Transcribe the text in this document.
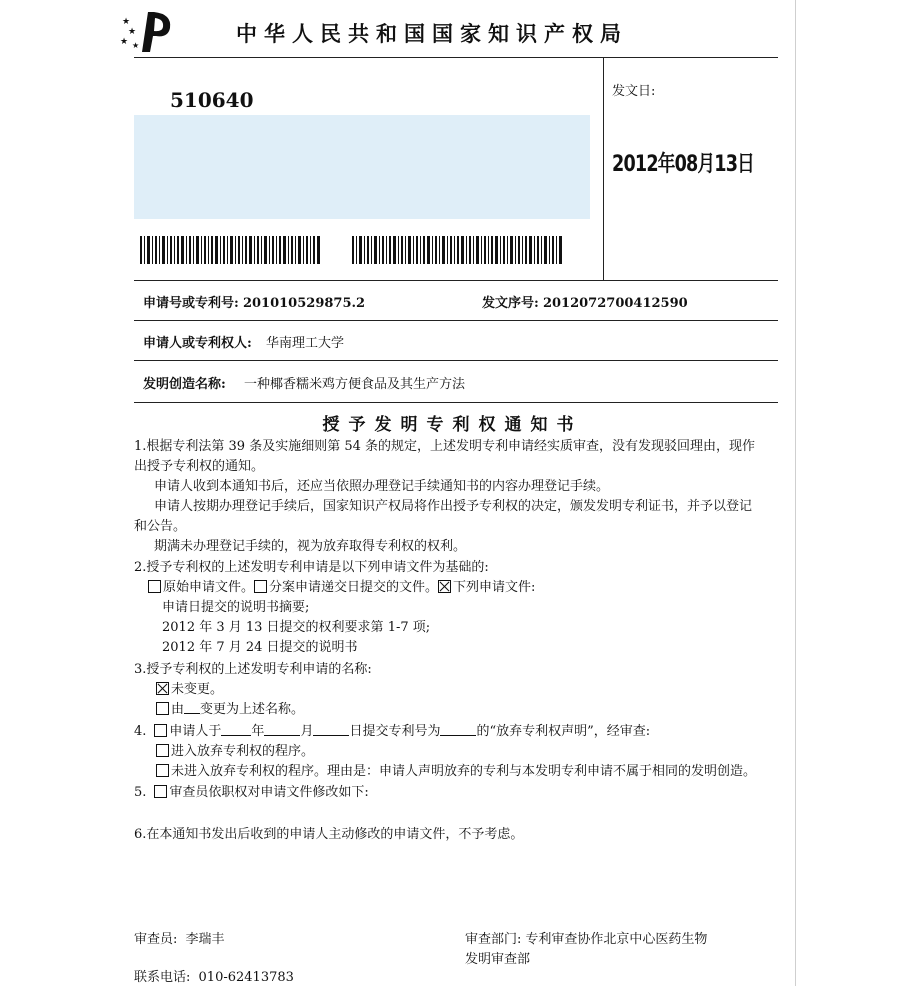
★
★
★ ★	中华人民共和国国家知识产权局
510640	发文日:
2012年08月13日
申请号或专利号: 201010529875.2	发文序号: 2012072700412590
申请人或专利权人: 华南理工大学
发明创造名称: 一种椰香糯米鸡方便食品及其生产方法
授予发明专利权通知书
1.根据专利法第 39 条及实施细则第 54 条的规定，上述发明专利申请经实质审查，没有发现驳回理由，现作
出授予专利权的通知。
申请人收到本通知书后，还应当依照办理登记手续通知书的内容办理登记手续。
申请人按期办理登记手续后，国家知识产权局将作出授予专利权的决定，颁发发明专利证书，并予以登记
和公告。
期满未办理登记手续的，视为放弃取得专利权的权利。
2.授予专利权的上述发明专利申请是以下列申请文件为基础的:
原始申请文件。 分案申请递交日提交的文件。 下列申请文件:
申请日提交的说明书摘要;
2012 年 3 月 13 日提交的权利要求第 1-7 项;
2012 年 7 月 24 日提交的说明书
3.授予专利权的上述发明专利申请的名称:
未变更。
由 变更为上述名称。
4. 申请人于 年	月	日提交专利号为	的“放弃专利权声明”，经审查:
进入放弃专利权的程序。
未进入放弃专利权的程序。理由是：申请人声明放弃的专利与本发明专利申请不属于相同的发明创造。
5. 审查员依职权对申请文件修改如下:
6.在本通知书发出后收到的申请人主动修改的申请文件，不予考虑。
审查员: 李瑞丰	审查部门: 专利审查协作北京中心医药生物
发明审查部
联系电话: 010-62413783
